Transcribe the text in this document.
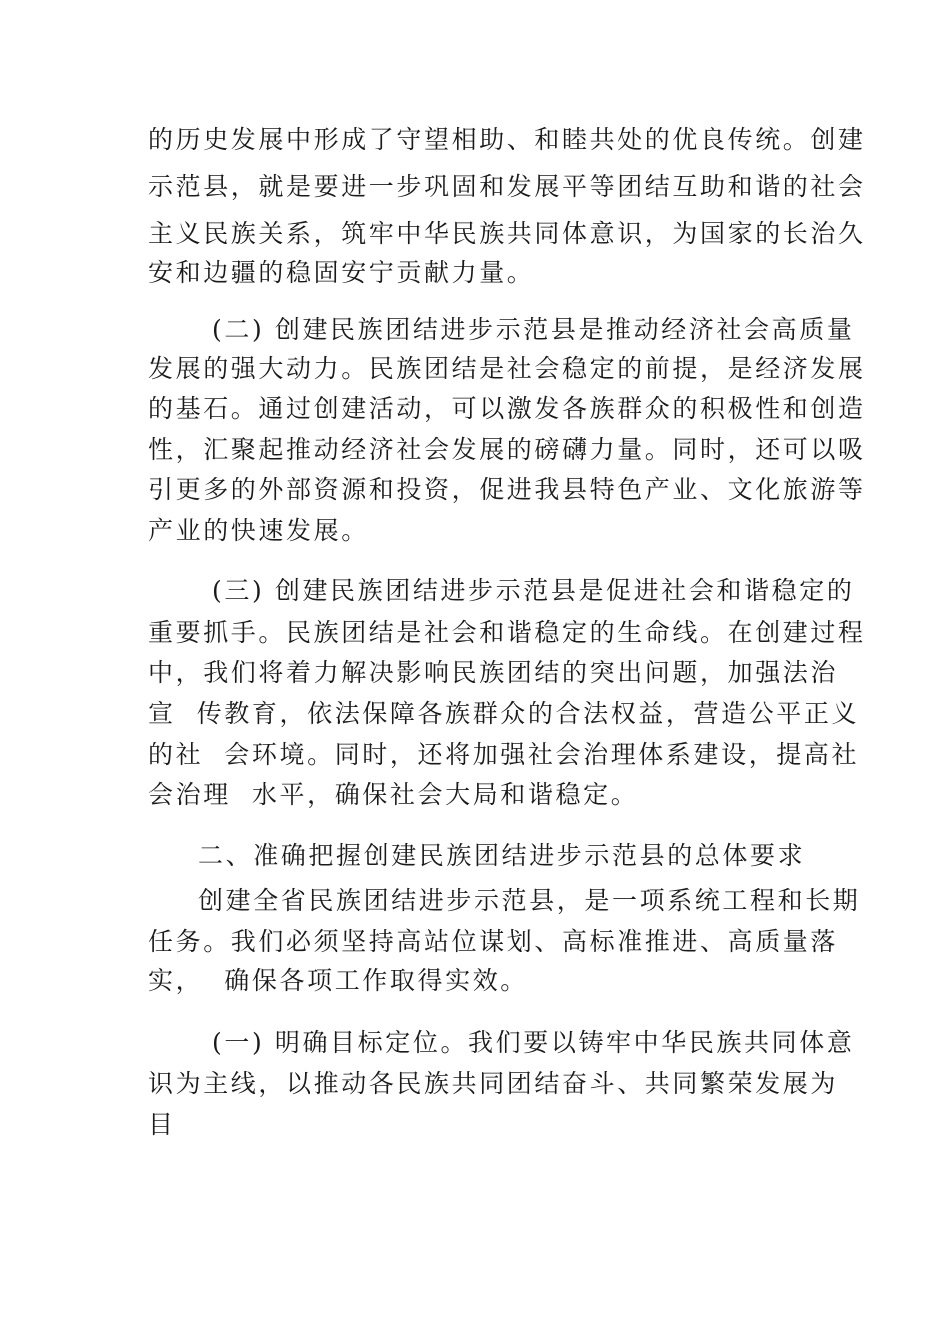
的历史发展中形成了守望相助、和睦共处的优良传统。创建
示范县，就是要进一步巩固和发展平等团结互助和谐的社会
主义民族关系，筑牢中华民族共同体意识，为国家的长治久
安和边疆的稳固安宁贡献力量。
(二) 创建民族团结进步示范县是推动经济社会高质量
发展的强大动力。民族团结是社会稳定的前提，是经济发展
的基石。通过创建活动，可以激发各族群众的积极性和创造
性，汇聚起推动经济社会发展的磅礴力量。同时，还可以吸
引更多的外部资源和投资，促进我县特色产业、文化旅游等
产业的快速发展。
(三) 创建民族团结进步示范县是促进社会和谐稳定的
重要抓手。民族团结是社会和谐稳定的生命线。在创建过程
中，我们将着力解决影响民族团结的突出问题，加强法治
宣  传教育，依法保障各族群众的合法权益，营造公平正义
的社  会环境。同时，还将加强社会治理体系建设，提高社
会治理  水平，确保社会大局和谐稳定。
二、准确把握创建民族团结进步示范县的总体要求
创建全省民族团结进步示范县，是一项系统工程和长期
任务。我们必须坚持高站位谋划、高标准推进、高质量落
实，  确保各项工作取得实效。
(一) 明确目标定位。我们要以铸牢中华民族共同体意
识为主线，以推动各民族共同团结奋斗、共同繁荣发展为
目
